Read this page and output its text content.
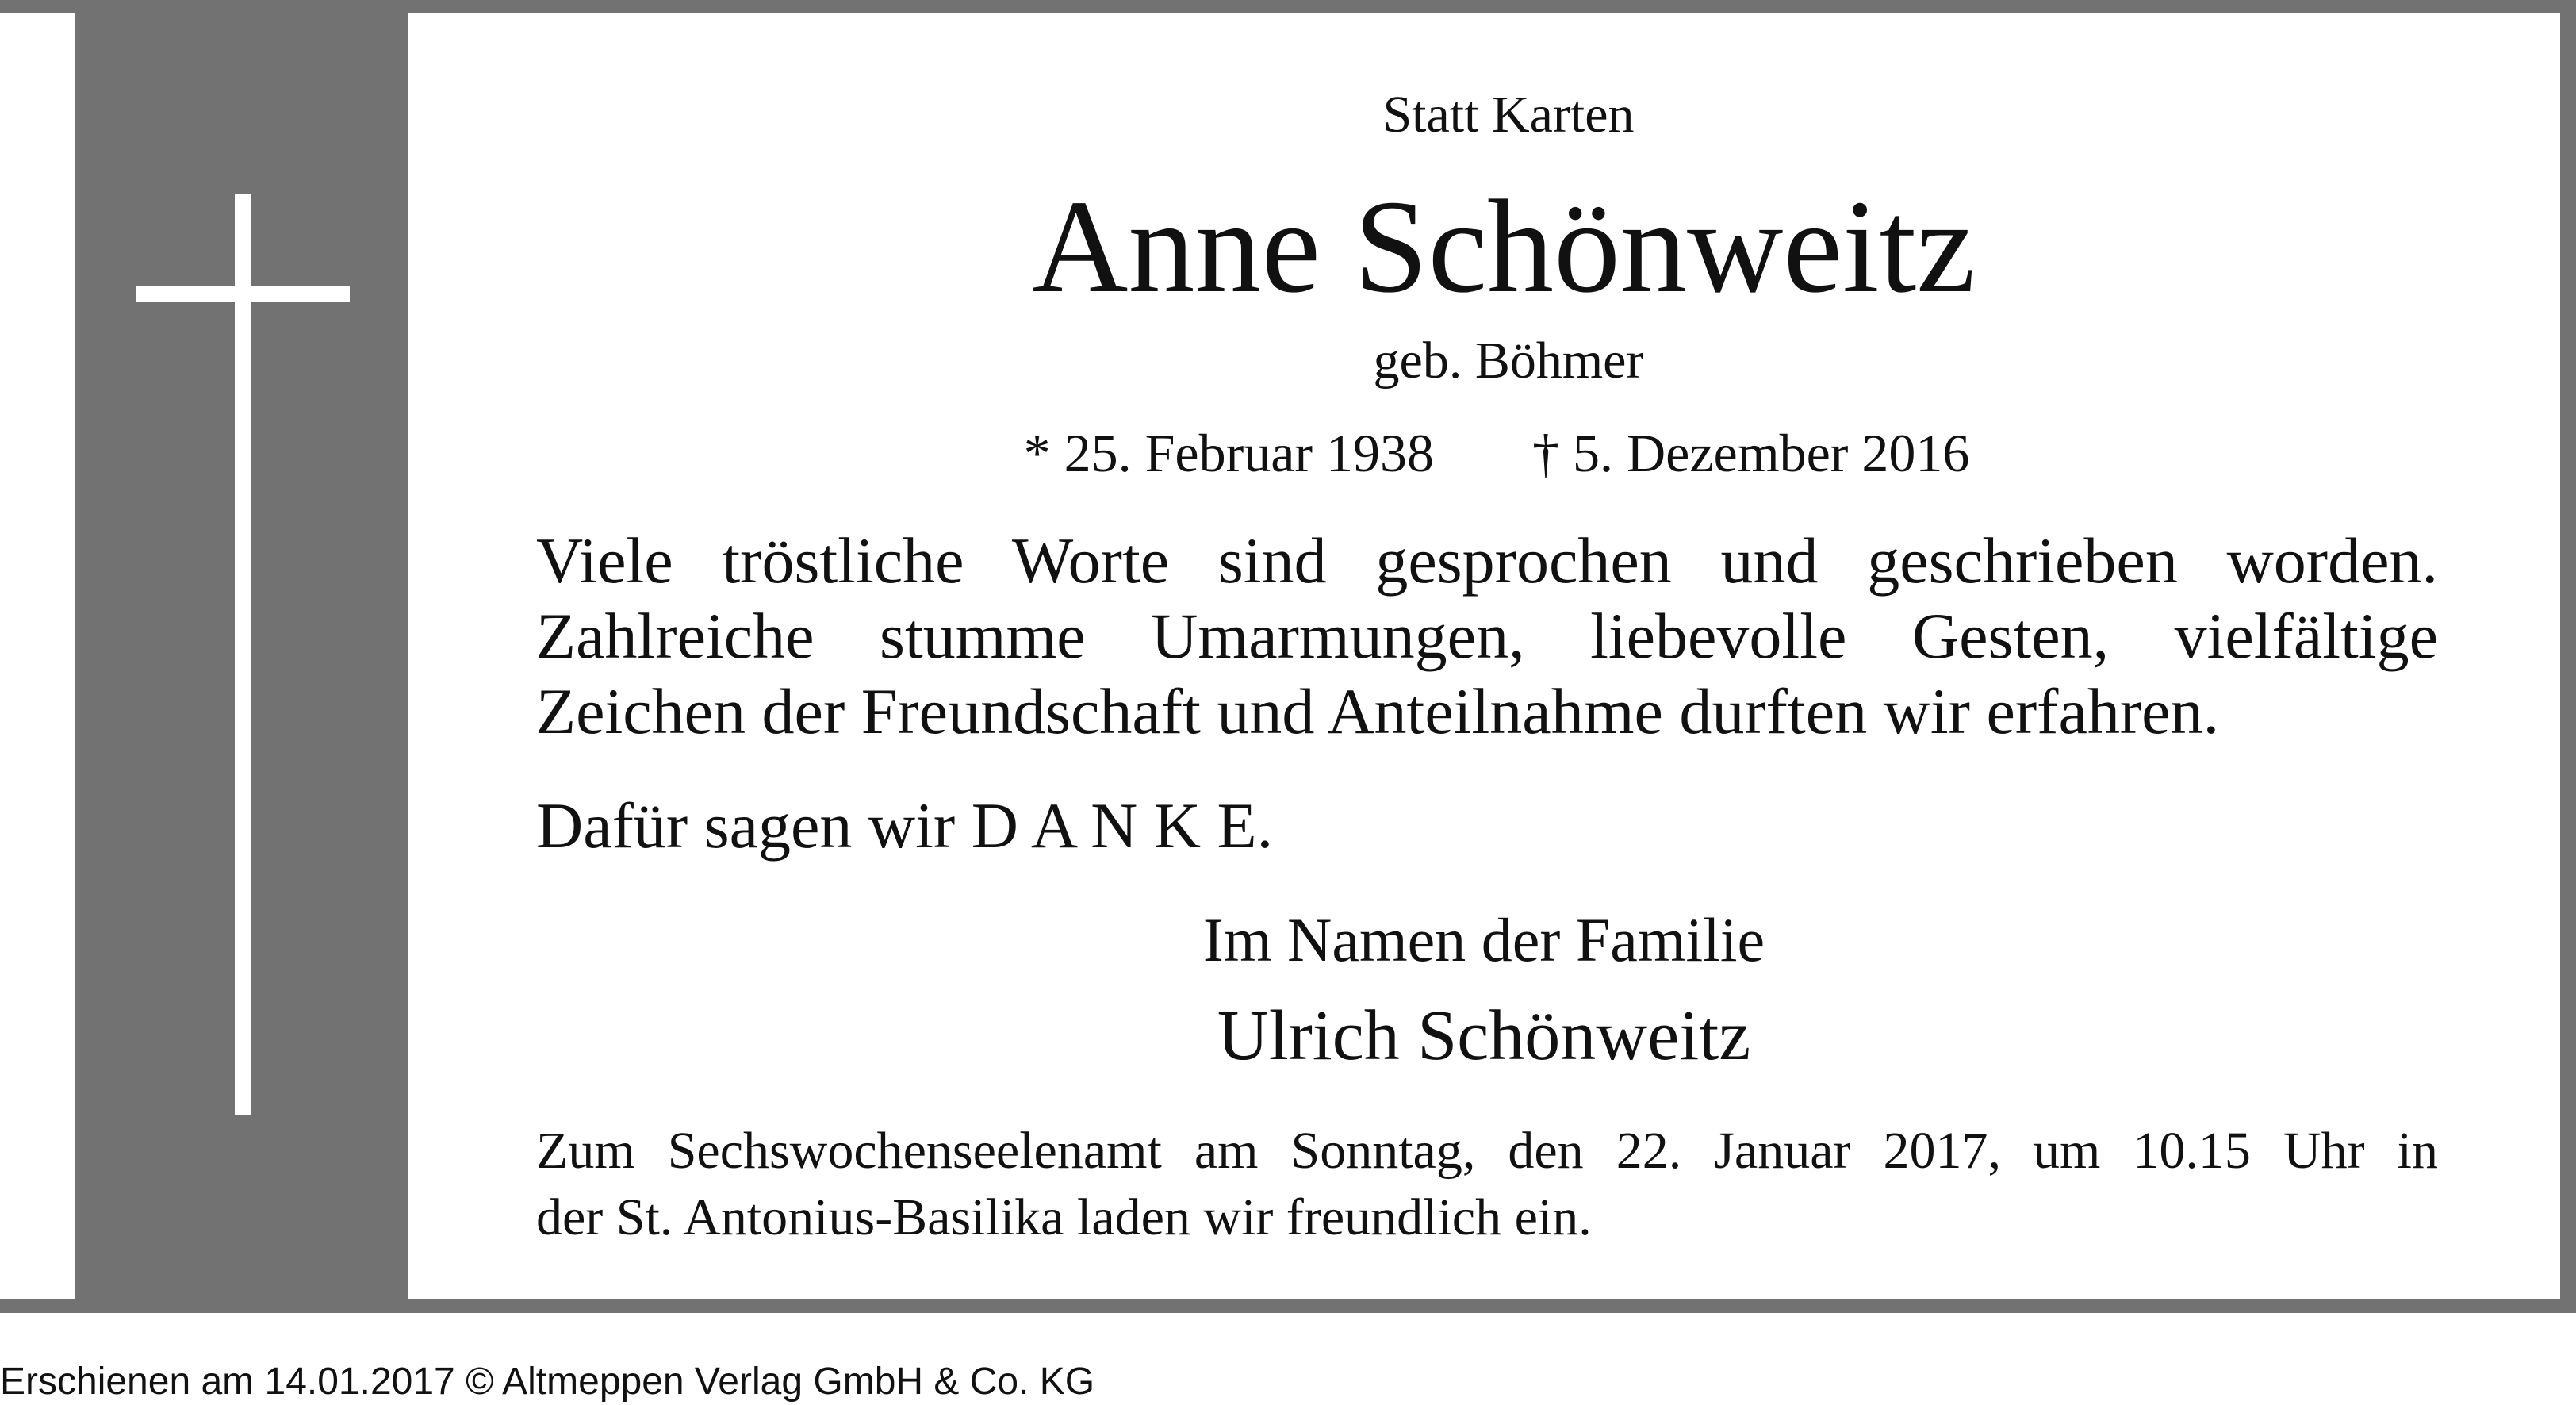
Statt Karten
Anne Schönweitz
geb. Böhmer
* 25. Februar 1938 † 5. Dezember 2016
Viele tröstliche Worte sind gesprochen und geschrieben worden.
Zahlreiche stumme Umarmungen, liebevolle Gesten, vielfältige
Zeichen der Freundschaft und Anteilnahme durften wir erfahren.
Dafür sagen wir D A N K E.
Im Namen der Familie
Ulrich Schönweitz
Zum Sechswochenseelenamt am Sonntag, den 22. Januar 2017, um 10.15 Uhr in
der St. Antonius-Basilika laden wir freundlich ein.
Erschienen am 14.01.2017 © Altmeppen Verlag GmbH & Co. KG
